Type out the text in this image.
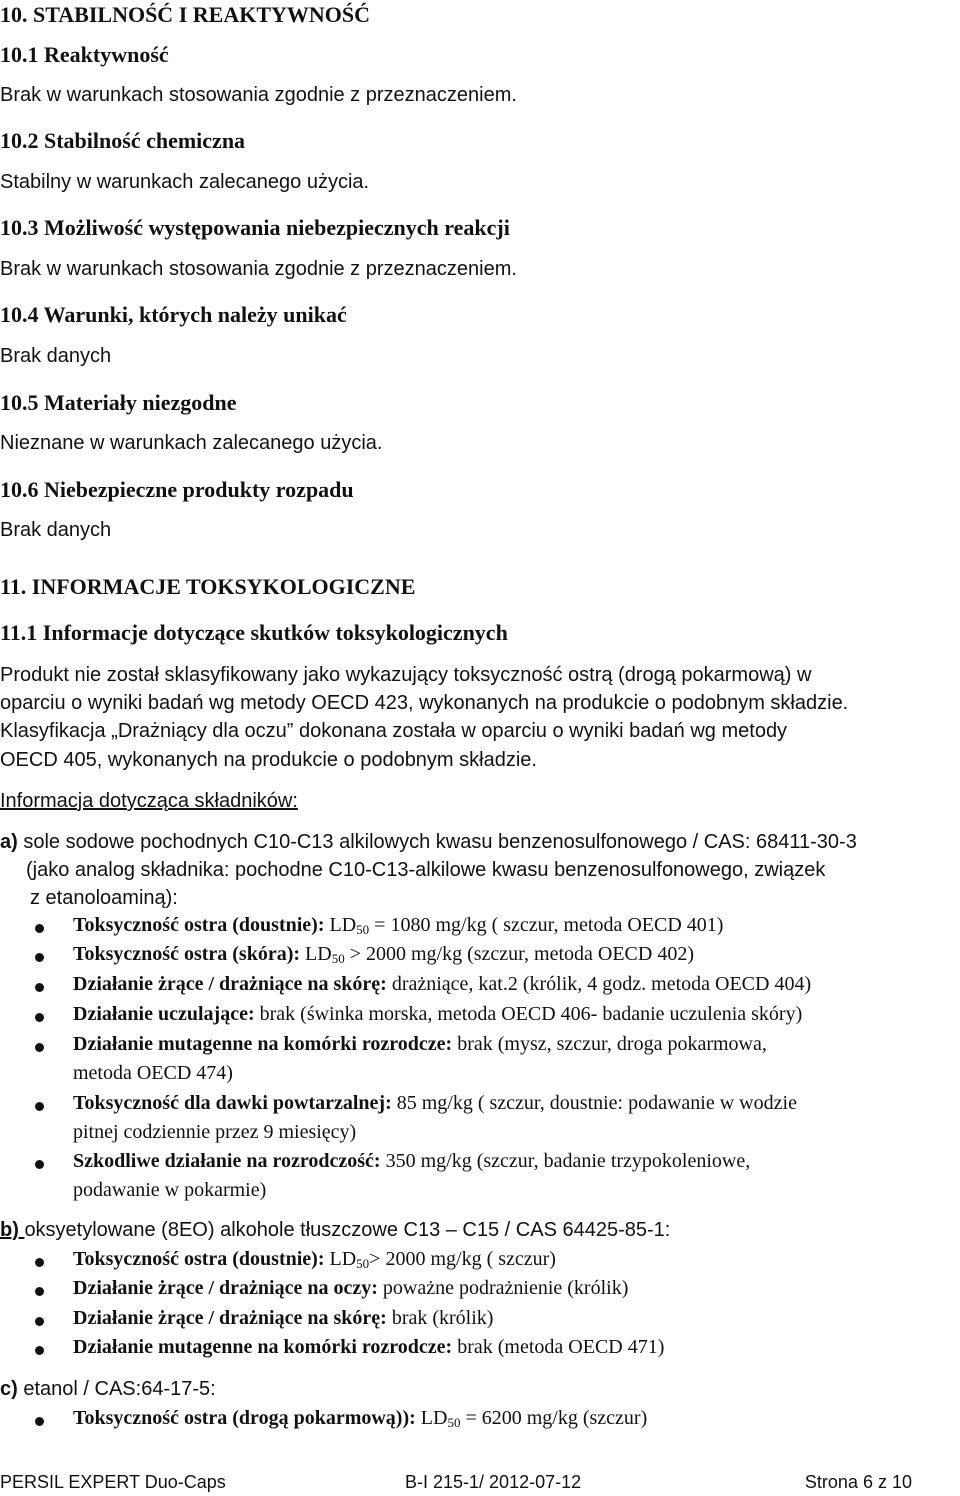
10. STABILNOŚĆ I REAKTYWNOŚĆ
10.1 Reaktywność
Brak w warunkach stosowania zgodnie z przeznaczeniem.
10.2 Stabilność chemiczna
Stabilny w warunkach zalecanego użycia.
10.3 Możliwość występowania niebezpiecznych reakcji
Brak w warunkach stosowania zgodnie z przeznaczeniem.
10.4 Warunki, których należy unikać
Brak danych
10.5 Materiały niezgodne
Nieznane w warunkach zalecanego użycia.
10.6 Niebezpieczne produkty rozpadu
Brak danych
11. INFORMACJE TOKSYKOLOGICZNE
11.1 Informacje dotyczące skutków toksykologicznych
Produkt nie został sklasyfikowany jako wykazujący toksyczność ostrą (drogą pokarmową) w
oparciu o wyniki badań wg metody OECD 423, wykonanych na produkcie o podobnym składzie.
Klasyfikacja „Drażniący dla oczu” dokonana została w oparciu o wyniki badań wg metody
OECD 405, wykonanych na produkcie o podobnym składzie.
Informacja dotycząca składników:
a) sole sodowe pochodnych C10-C13 alkilowych kwasu benzenosulfonowego / CAS: 68411-30-3
(jako analog składnika: pochodne C10-C13-alkilowe kwasu benzenosulfonowego, związek
z etanoloaminą):
Toksyczność ostra (doustnie): $LD_{50} = 1080$ mg/kg ( szczur, metoda OECD 401)
Toksyczność ostra (skóra): $LD_{50} > 2000$ mg/kg (szczur, metoda OECD 402)
Działanie żrące / drażniące na skórę: drażniące, kat.2 (królik, 4 godz. metoda OECD 404)
Działanie uczulające: brak (świnka morska, metoda OECD 406- badanie uczulenia skóry)
Działanie mutagenne na komórki rozrodcze: brak (mysz, szczur, droga pokarmowa,
metoda OECD 474)
Toksyczność dla dawki powtarzalnej: 85 mg/kg ( szczur, doustnie: podawanie w wodzie
pitnej codziennie przez 9 miesięcy)
Szkodliwe działanie na rozrodczość: 350 mg/kg (szczur, badanie trzypokoleniowe,
podawanie w pokarmie)
b) oksyetylowane (8EO) alkohole tłuszczowe C13 – C15 / CAS 64425-85-1:
Toksyczność ostra (doustnie): $LD_{50}> 2000$ mg/kg ( szczur)
Działanie żrące / drażniące na oczy: poważne podrażnienie (królik)
Działanie żrące / drażniące na skórę: brak (królik)
Działanie mutagenne na komórki rozrodcze: brak (metoda OECD 471)
c) etanol / CAS:64-17-5:
Toksyczność ostra (drogą pokarmową)): $LD_{50} = 6200$ mg/kg (szczur)
PERSIL EXPERT Duo-Caps	B-I 215-1/ 2012-07-12	Strona 6 z 10
